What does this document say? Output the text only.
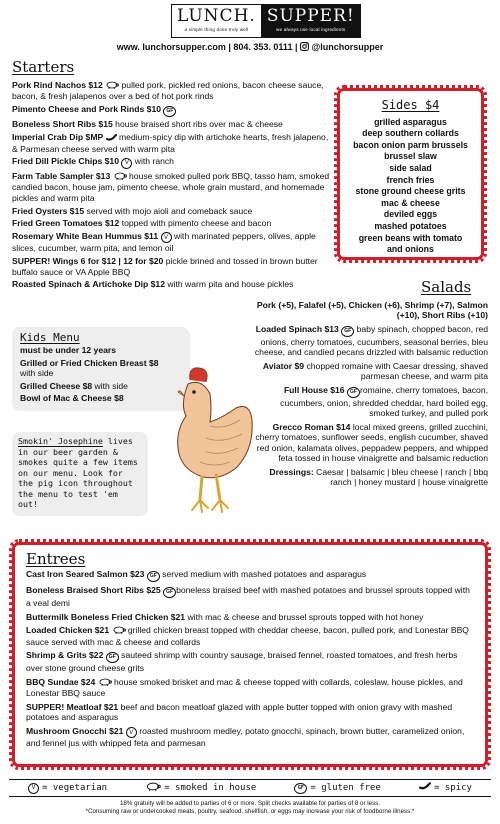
LUNCH.
a simple thing done truly well
SUPPER!
we always use local ingredients
www. lunchorsupper.com | 804. 353. 0111 | @lunchorsupper
Starters
Pork Rind Nachos $12 pulled pork, pickled red onions, bacon cheese sauce, bacon, & fresh jalapenos over a bed of hot pork rinds
Pimento Cheese and Pork Rinds $10 GF
Boneless Short Ribs $15 house braised short ribs over mac & cheese
Imperial Crab Dip $MP medium-spicy dip with artichoke hearts, fresh jalapeno, & Parmesan cheese served with warm pita
Fried Dill Pickle Chips $10 V with ranch
Farm Table Sampler $13 house smoked pulled pork BBQ, tasso ham, smoked candied bacon, house jam, pimento cheese, whole grain mustard, and homemade pickles and warm pita
Fried Oysters $15 served with mojo aioli and comeback sauce
Fried Green Tomatoes $12 topped with pimento cheese and bacon
Rosemary White Bean Hummus $11 V with marinated peppers, olives, apple slices, cucumber, warm pita, and lemon oil
SUPPER! Wings 6 for $12 | 12 for $20 pickle brined and tossed in brown butter buffalo sauce or VA Apple BBQ
Roasted Spinach & Artichoke Dip $12 with warm pita and house pickles
Sides $4
grilled asparagus
deep southern collards
bacon onion parm brussels
brussel slaw
side salad
french fries
stone ground cheese grits
mac & cheese
deviled eggs
mashed potatoes
green beans with tomato
and onions
Salads
Pork (+5), Falafel (+5), Chicken (+6), Shrimp (+7), Salmon (+10), Short Ribs (+10)
Loaded Spinach $13 GF baby spinach, chopped bacon, red onions, cherry tomatoes, cucumbers, seasonal berries, bleu cheese, and candied pecans drizzled with balsamic reduction
Aviator $9 chopped romaine with Caesar dressing, shaved parmesan cheese, and warm pita
Full House $16 GF romaine, cherry tomatoes, bacon, cucumbers, onion, shredded cheddar, hard boiled egg, smoked turkey, and pulled pork
Grecco Roman $14 local mixed greens, grilled zucchini, cherry tomatoes, sunflower seeds, english cucumber, shaved red onion, kalamata olives, peppadew peppers, and whipped feta tossed in house vinaigrette and balsamic reduction
Dressings: Caesar | balsamic | bleu cheese | ranch | bbq ranch | honey mustard | house vinaigrette
Kids Menu

must be under 12 years

Grilled or Fried Chicken Breast $8
with side

Grilled Cheese $8 with side

Bowl of Mac & Cheese $8

Smokin' Josephine lives in our beer garden & smokes quite a few items on our menu. Look for the pig icon throughout the menu to test 'em out!
Entrees
Cast Iron Seared Salmon $23 GF served medium with mashed potatoes and asparagus
Boneless Braised Short Ribs $25 GF boneless braised beef with mashed potatoes and brussel sprouts topped with a veal demi
Buttermilk Boneless Fried Chicken $21 with mac & cheese and brussel sprouts topped with hot honey
Loaded Chicken $21 grilled chicken breast topped with cheddar cheese, bacon, pulled pork, and Lonestar BBQ sauce served with mac & cheese and collards
Shrimp & Grits $22 GF sauteed shrimp with country sausage, braised fennel, roasted tomatoes, and fresh herbs over stone ground cheese grits
BBQ Sundae $24 house smoked brisket and mac & cheese topped with collards, coleslaw, house pickles, and Lonestar BBQ sauce
SUPPER! Meatloaf $21 beef and bacon meatloaf glazed with apple butter topped with onion gravy with mashed potatoes and asparagus
Mushroom Gnocchi $21 V roasted mushroom medley, potato gnocchi, spinach, brown butter, caramelized onion, and fennel jus with whipped feta and parmesan
V = vegetarian	= smoked in house	GF = gluten free	= spicy
18% gratuity will be added to parties of 6 or more. Split checks available for parties of 8 or less.
*Consuming raw or undercooked meats, poultry, seafood, shellfish, or eggs may increase your risk of foodborne illness.*
